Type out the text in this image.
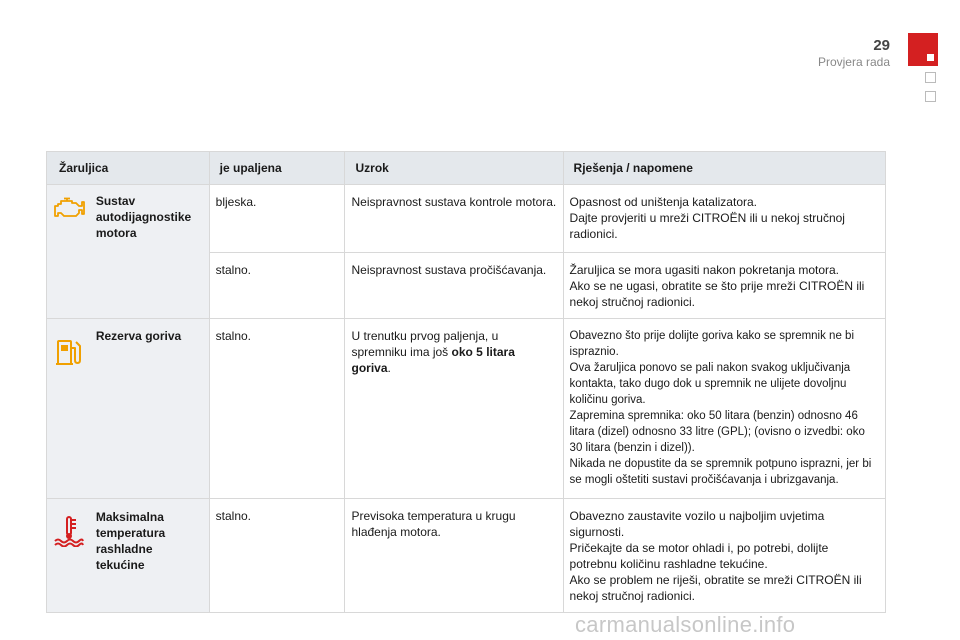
29
Provjera rada
Žaruljica		je upaljena	Uzrok	Rješenja / napomene
	Sustav autodijagnostike motora	bljeska.	Neispravnost sustava kontrole motora.	Opasnost od uništenja katalizatora.

Dajte provjeriti u mreži CITROËN ili u nekoj stručnoj radionici.

		stalno.	Neispravnost sustava pročišćavanja.	Žaruljica se mora ugasiti nakon pokretanja motora.

Ako se ne ugasi, obratite se što prije mreži CITROËN ili nekoj stručnoj radionici.

	Rezerva goriva	stalno.	U trenutku prvog paljenja, u spremniku ima još oko 5 litara goriva.	Obavezno što prije dolijte goriva kako se spremnik ne bi ispraznio.

Ova žaruljica ponovo se pali nakon svakog uključivanja kontakta, tako dugo dok u spremnik ne ulijete dovoljnu količinu goriva.

Zapremina spremnika: oko 50 litara (benzin) odnosno 46 litara (dizel) odnosno 33 litre (GPL); (ovisno o izvedbi: oko 30 litara (benzin i dizel)).

Nikada ne dopustite da se spremnik potpuno isprazni, jer bi se mogli oštetiti sustavi pročišćavanja i ubrizgavanja.

	Maksimalna temperatura rashladne tekućine	stalno.	Previsoka temperatura u krugu hlađenja motora.	Obavezno zaustavite vozilo u najboljim uvjetima sigurnosti.

Pričekajte da se motor ohladi i, po potrebi, dolijte potrebnu količinu rashladne tekućine.

Ako se problem ne riješi, obratite se mreži CITROËN ili nekoj stručnoj radionici.

carmanualsonline.info
